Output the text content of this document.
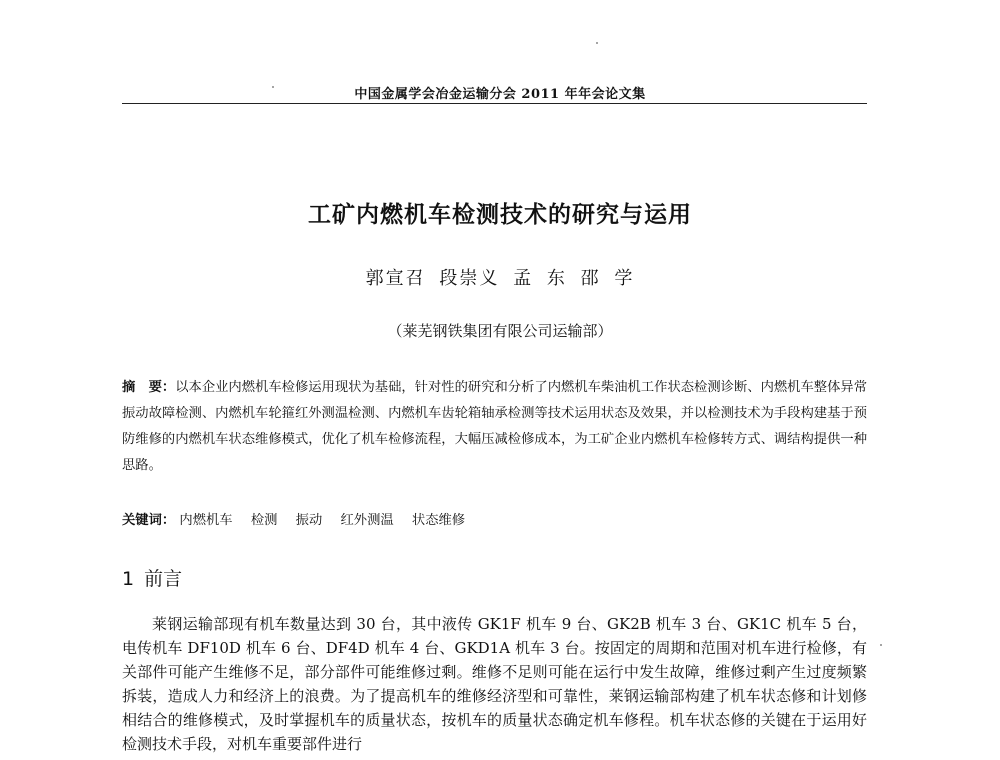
中国金属学会冶金运输分会 2011 年年会论文集
工矿内燃机车检测技术的研究与运用
郭宣召 段崇义 孟 东 邵 学
（莱芜钢铁集团有限公司运输部）
摘　要：以本企业内燃机车检修运用现状为基础，针对性的研究和分析了内燃机车柴油机工作状态检测诊断、内燃机车整体异常振动故障检测、内燃机车轮箍红外测温检测、内燃机车齿轮箱轴承检测等技术运用状态及效果，并以检测技术为手段构建基于预防维修的内燃机车状态维修模式，优化了机车检修流程，大幅压减检修成本，为工矿企业内燃机车检修转方式、调结构提供一种思路。
关键词： 内燃机车 检测 振动 红外测温 状态维修
1 前言
莱钢运输部现有机车数量达到 30 台，其中液传 GK1F 机车 9 台、GK2B 机车 3 台、GK1C 机车 5 台，电传机车 DF10D 机车 6 台、DF4D 机车 4 台、GKD1A 机车 3 台。按固定的周期和范围对机车进行检修，有关部件可能产生维修不足，部分部件可能维修过剩。维修不足则可能在运行中发生故障，维修过剩产生过度频繁拆装，造成人力和经济上的浪费。为了提高机车的维修经济型和可靠性，莱钢运输部构建了机车状态修和计划修相结合的维修模式，及时掌握机车的质量状态，按机车的质量状态确定机车修程。机车状态修的关键在于运用好检测技术手段，对机车重要部件进行
